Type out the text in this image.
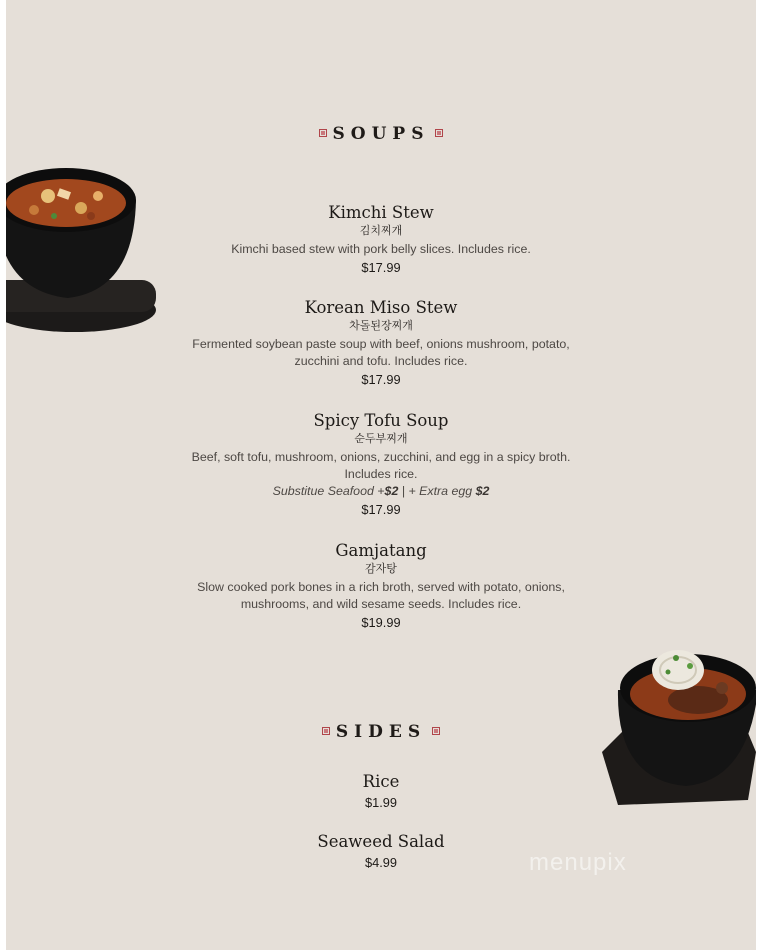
SOUPS
Kimchi Stew
김치찌개
Kimchi based stew with pork belly slices. Includes rice.
$17.99
Korean Miso Stew
차돌된장찌개
Fermented soybean paste soup with beef, onions mushroom, potato,
zucchini and tofu. Includes rice.
$17.99
Spicy Tofu Soup
순두부찌개
Beef, soft tofu, mushroom, onions, zucchini, and egg in a spicy broth.
Includes rice.
Substitue Seafood +$2 | + Extra egg $2
$17.99
Gamjatang
감자탕
Slow cooked pork bones in a rich broth, served with potato, onions,
mushrooms, and wild sesame seeds. Includes rice.
$19.99
SIDES
Rice
$1.99
Seaweed Salad
$4.99	menupix
